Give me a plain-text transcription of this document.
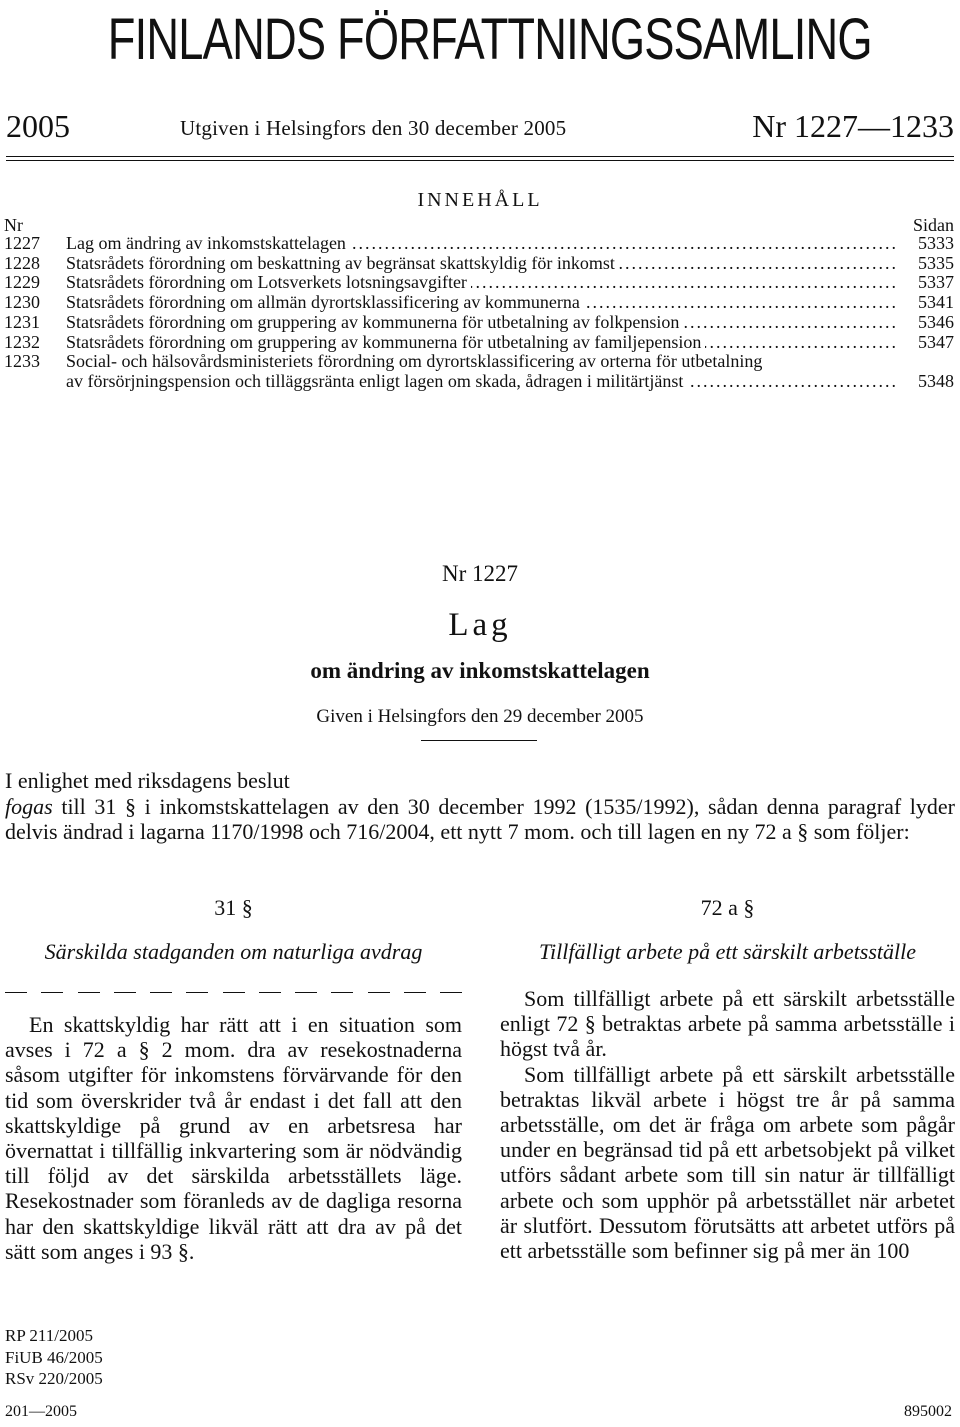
FINLANDS FÖRFATTNINGSSAMLING
2005	Utgiven i Helsingfors den 30 december 2005	Nr 1227—1233
INNEHÅLL
Nr	Sidan
1227	Lag om ändring av inkomstskattelagen .....	5333
1228	Statsrådets förordning om beskattning av begränsat skattskyldig för inkomst .....	5335
1229	Statsrådets förordning om Lotsverkets lotsningsavgifter .....	5337
1230	Statsrådets förordning om allmän dyrortsklassificering av kommunerna .....	5341
1231	Statsrådets förordning om gruppering av kommunerna för utbetalning av folkpension .....	5346
1232	Statsrådets förordning om gruppering av kommunerna för utbetalning av familjepension .....	5347
1233	Social- och hälsovårdsministeriets förordning om dyrortsklassificering av orterna för utbetalning
av försörjningspension och tilläggsränta enligt lagen om skada, ådragen i militärtjänst .....	5348
Nr 1227
Lag
om ändring av inkomstskattelagen
Given i Helsingfors den 29 december 2005

I enlighet med riksdagens beslut

fogas till 31 § i inkomstskattelagen av den 30 december 1992 (1535/1992), sådan denna paragraf lyder delvis ändrad i lagarna 1170/1998 och 716/2004, ett nytt 7 mom. och till lagen en ny 72 a § som följer:

31 §
Särskilda stadganden om naturliga avdrag

En skattskyldig har rätt att i en situation som avses i 72 a § 2 mom. dra av resekostnaderna såsom utgifter för inkomstens förvärvande för den tid som överskrider två år endast i det fall att den skattskyldige på grund av en arbetsresa har övernattat i tillfällig inkvartering som är nödvändig till följd av det särskilda arbetsställets läge. Resekostnader som föranleds av de dagliga resorna har den skattskyldige likväl rätt att dra av på det sätt som anges i 93 §.

72 a §
Tillfälligt arbete på ett särskilt arbetsställe

Som tillfälligt arbete på ett särskilt arbetsställe enligt 72 § betraktas arbete på samma arbetsställe i högst två år.

Som tillfälligt arbete på ett särskilt arbetsställe betraktas likväl arbete i högst tre år på samma arbetsställe, om det är fråga om arbete som pågår under en begränsad tid på ett arbetsobjekt på vilket utförs sådant arbete som till sin natur är tillfälligt arbete och som upphör på arbetsstället när arbetet är slutfört. Dessutom förutsätts att arbetet utförs på ett arbetsställe som befinner sig på mer än 100

RP 211/2005
FiUB 46/2005
RSv 220/2005
201—2005	895002
